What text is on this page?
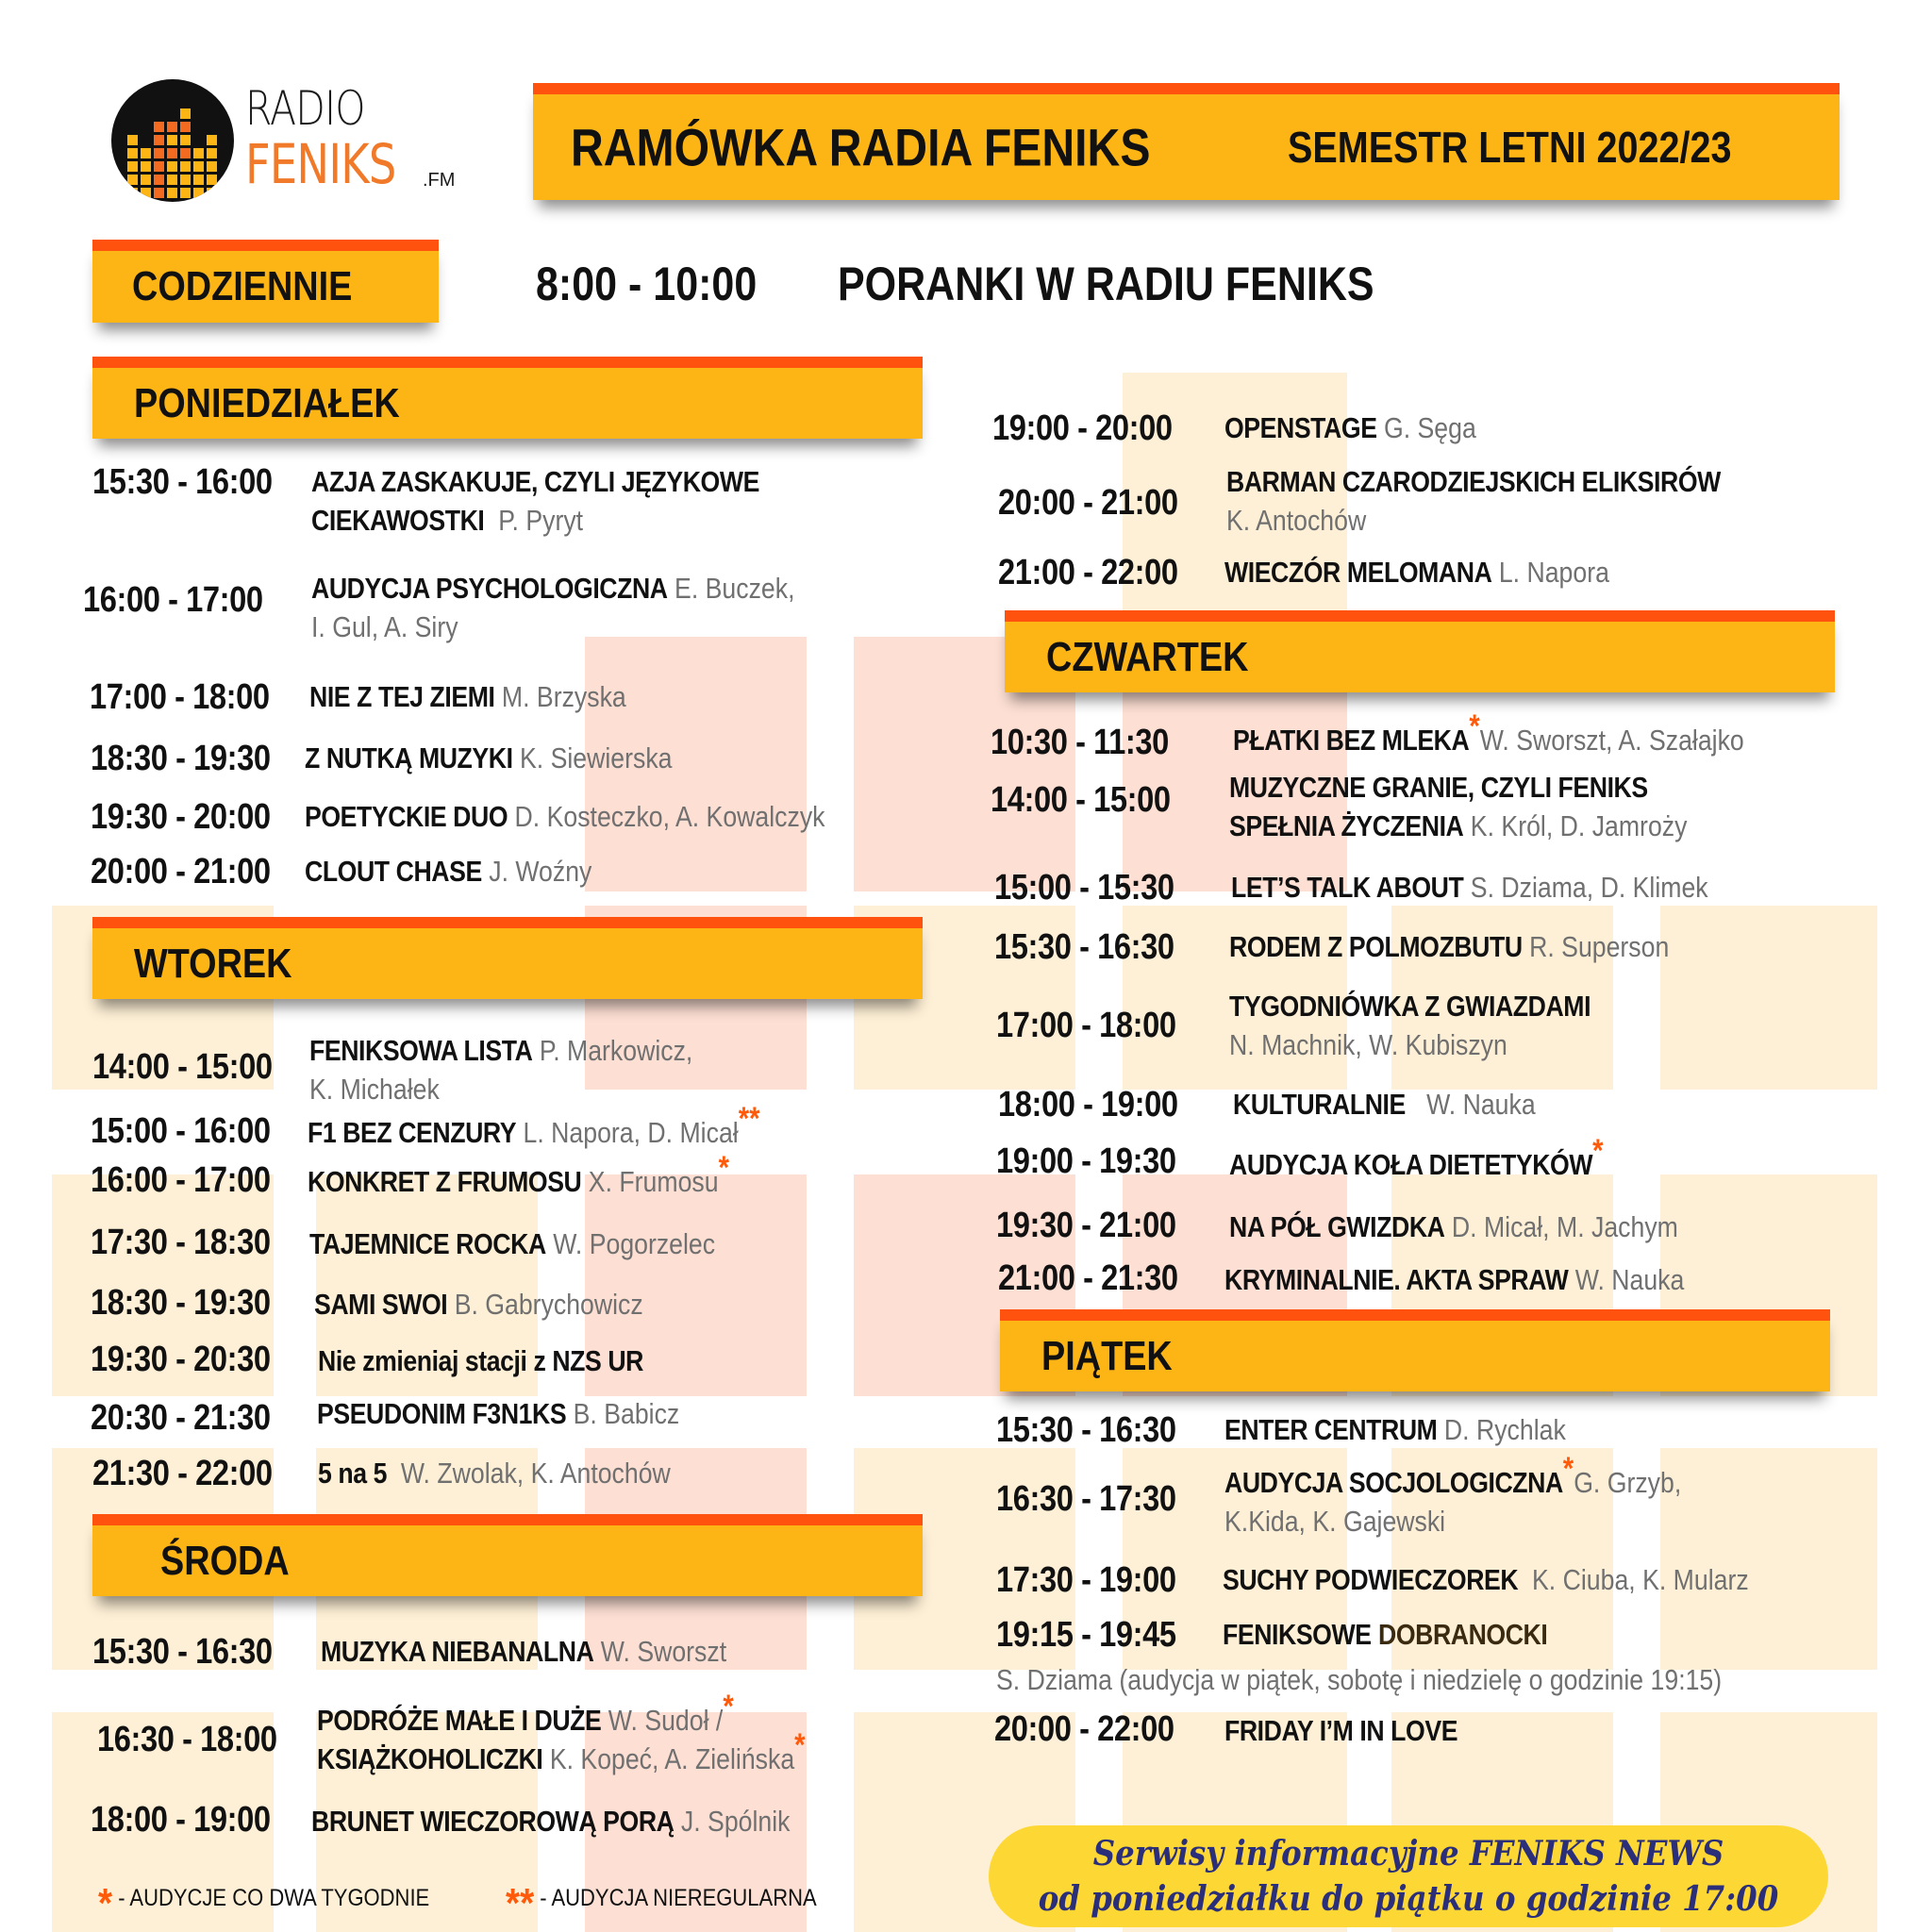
RADIO
FENIKS .FM
RAMÓWKA RADIA FENIKS	SEMESTR LETNI 2022/23
CODZIENNIE	8:00 - 10:00 PORANKI W RADIU FENIKS
PONIEDZIAŁEK
15:30 - 16:00 AZJA ZASKAKUJE, CZYLI JĘZYKOWE
CIEKAWOSTKI P. Pyryt
16:00 - 17:00 AUDYCJA PSYCHOLOGICZNA E. Buczek,
I. Gul, A. Siry
17:00 - 18:00 NIE Z TEJ ZIEMI M. Brzyska
18:30 - 19:30 Z NUTKĄ MUZYKI K. Siewierska
19:30 - 20:00 POETYCKIE DUO D. Kosteczko, A. Kowalczyk
20:00 - 21:00 CLOUT CHASE J. Woźny
WTOREK
14:00 - 15:00 FENIKSOWA LISTA P. Markowicz,
K. Michałek
15:00 - 16:00 F1 BEZ CENZURY L. Napora, D. Micał**
16:00 - 17:00 KONKRET Z FRUMOSU X. Frumosu*
17:30 - 18:30 TAJEMNICE ROCKA W. Pogorzelec
18:30 - 19:30 SAMI SWOI B. Gabrychowicz
19:30 - 20:30 Nie zmieniaj stacji z NZS UR
20:30 - 21:30 PSEUDONIM F3N1KS B. Babicz
21:30 - 22:00 5 na 5 W. Zwolak, K. Antochów
ŚRODA
15:30 - 16:30 MUZYKA NIEBANALNA W. Sworszt
16:30 - 18:00 PODRÓŻE MAŁE I DUŻE W. Sudoł /*
KSIĄŻKOHOLICZKI K. Kopeć, A. Zielińska*
18:00 - 19:00 BRUNET WIECZOROWĄ PORĄ J. Spólnik
19:00 - 20:00 OPENSTAGE G. Sęga
20:00 - 21:00
BARMAN CZARODZIEJSKICH ELIKSIRÓW
K. Antochów
21:00 - 22:00 WIECZÓR MELOMANA L. Napora
CZWARTEK
10:30 - 11:30 PŁATKI BEZ MLEKA*W. Sworszt, A. Szałajko
14:00 - 15:00 MUZYCZNE GRANIE, CZYLI FENIKS
SPEŁNIA ŻYCZENIA K. Król, D. Jamroży
15:00 - 15:30 LET’S TALK ABOUT S. Dziama, D. Klimek
15:30 - 16:30 RODEM Z POLMOZBUTU R. Superson
17:00 - 18:00 TYGODNIÓWKA Z GWIAZDAMI
N. Machnik, W. Kubiszyn
18:00 - 19:00 KULTURALNIE W. Nauka
19:00 - 19:30 AUDYCJA KOŁA DIETETYKÓW*
19:30 - 21:00 NA PÓŁ GWIZDKA D. Micał, M. Jachym
21:00 - 21:30 KRYMINALNIE. AKTA SPRAW W. Nauka
PIĄTEK
15:30 - 16:30 ENTER CENTRUM D. Rychlak
16:30 - 17:30 AUDYCJA SOCJOLOGICZNA*G. Grzyb,
K.Kida, K. Gajewski
17:30 - 19:00 SUCHY PODWIECZOREK K. Ciuba, K. Mularz
19:15 - 19:45 FENIKSOWE DOBRANOCKI
S. Dziama (audycja w piątek, sobotę i niedzielę o godzinie 19:15)
20:00 - 22:00 FRIDAY I’M IN LOVE
* - AUDYCJE CO DWA TYGODNIE ** - AUDYCJA NIEREGULARNA
Serwisy informacyjne FENIKS NEWS
od poniedziałku do piątku o godzinie 17:00
